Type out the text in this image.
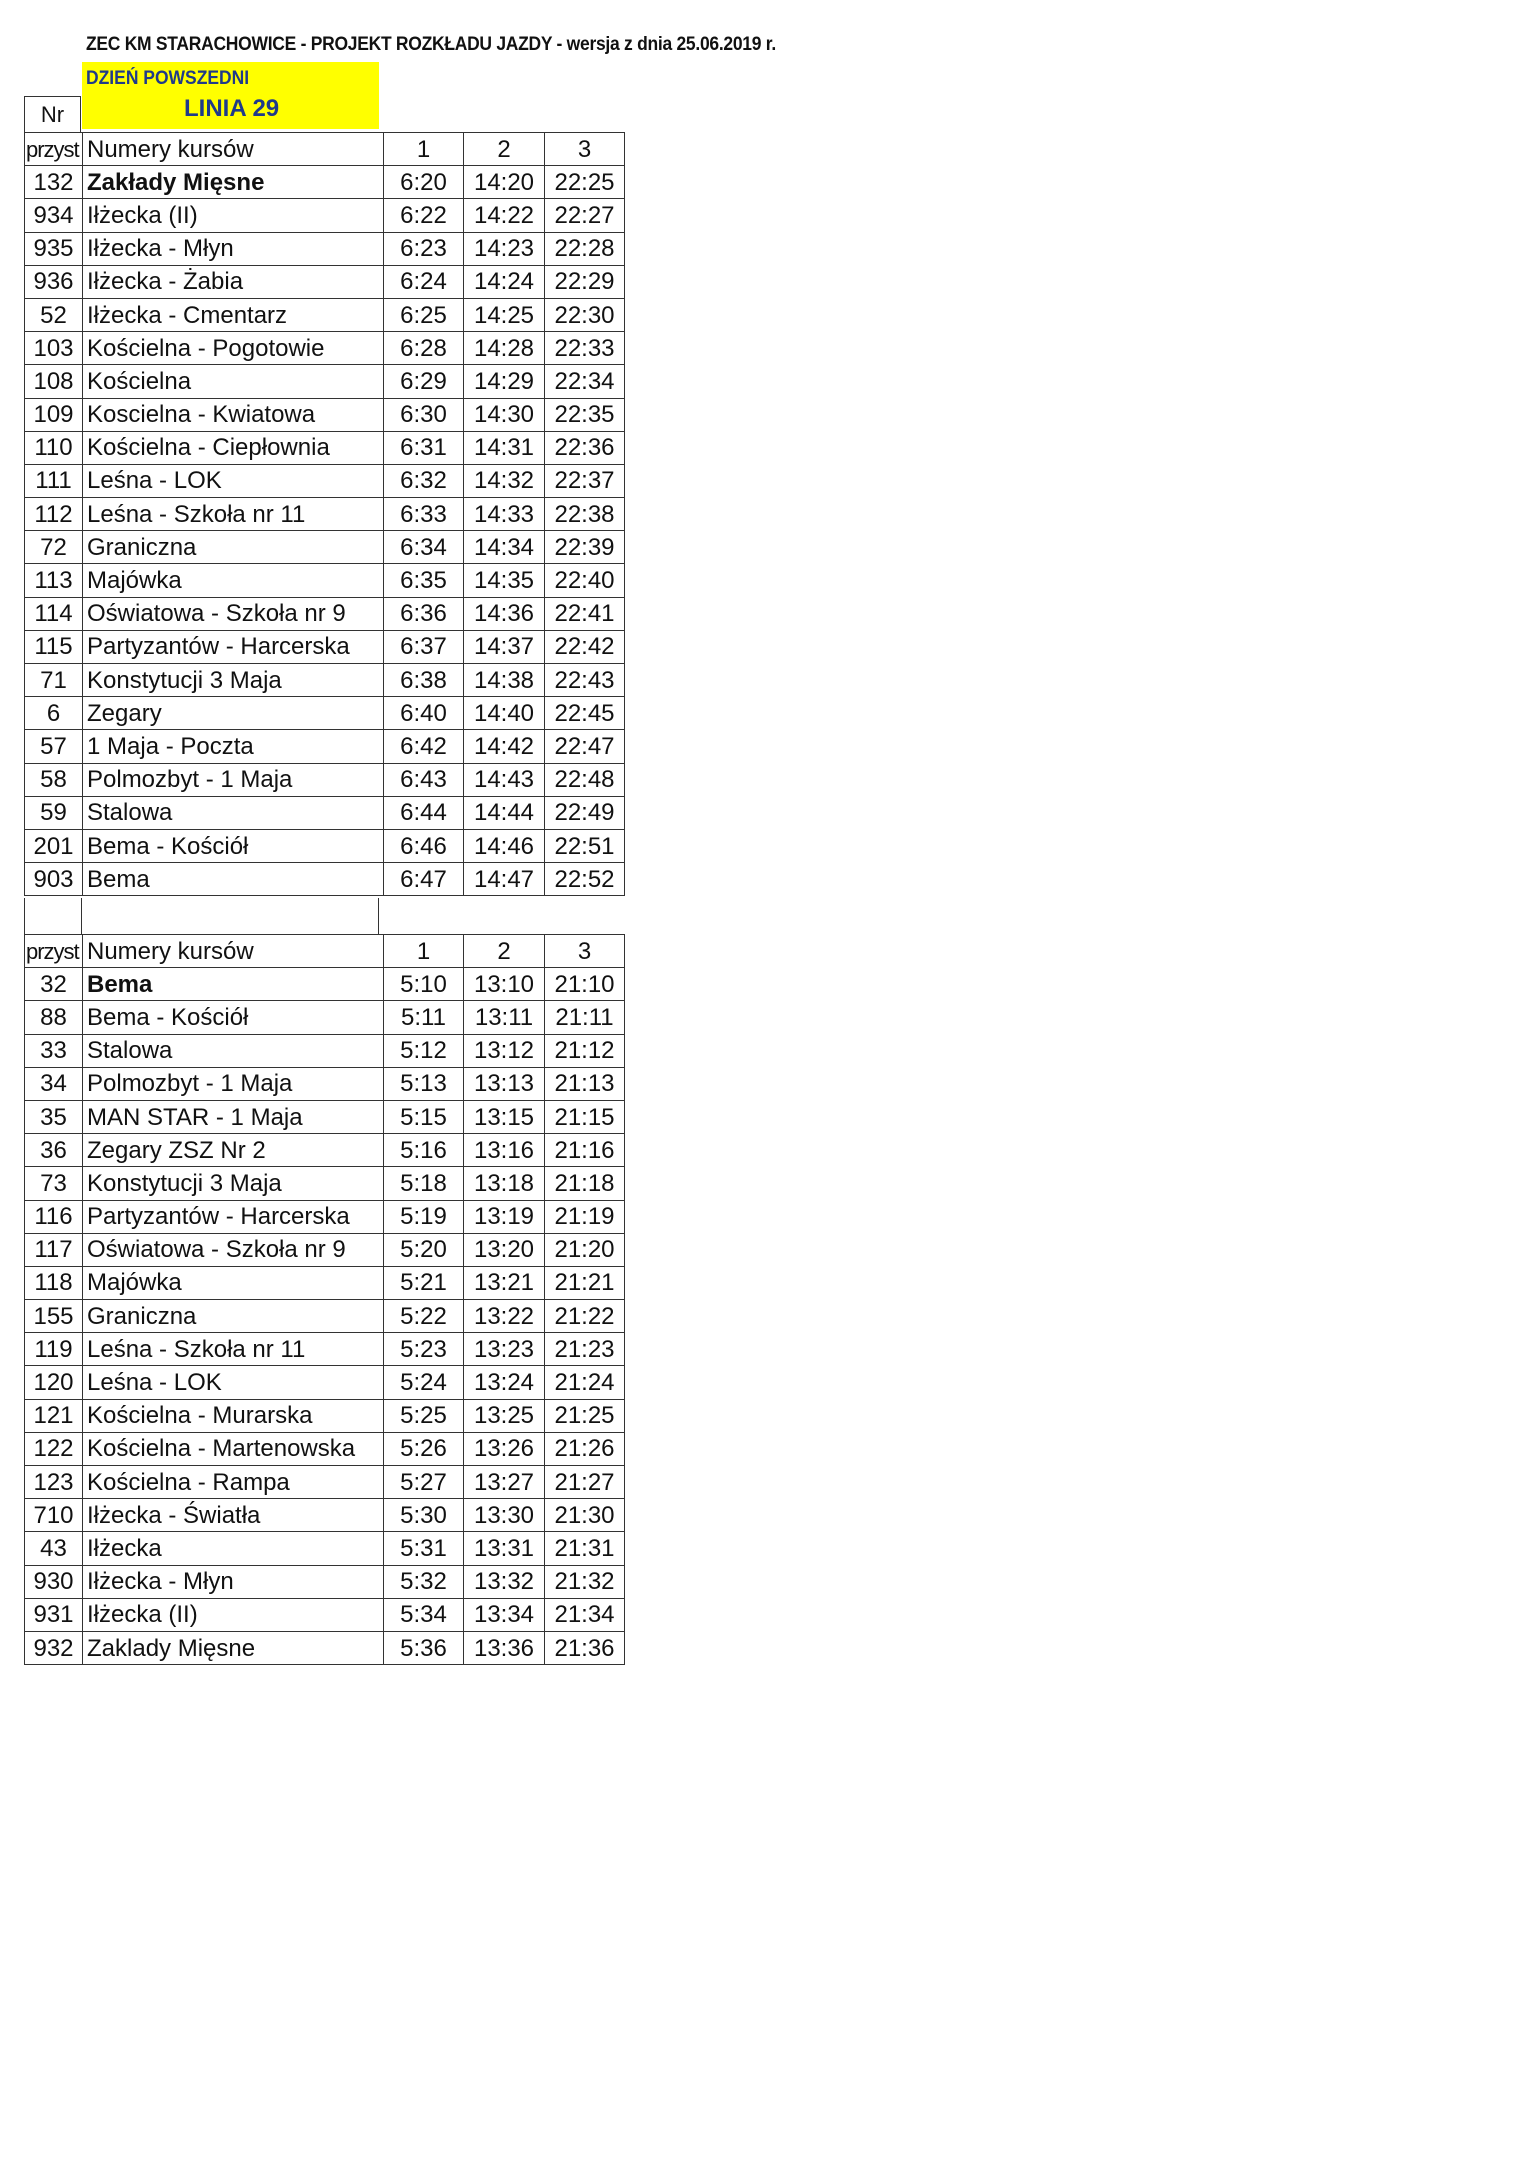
ZEC KM STARACHOWICE - PROJEKT ROZKŁADU JAZDY - wersja z dnia 25.06.2019 r.
DZIEŃ POWSZEDNI
LINIA 29
Nr
przyst	Numery kursów	1	2	3
132	Zakłady Mięsne	6:20	14:20	22:25
934	Iłżecka (II)	6:22	14:22	22:27
935	Iłżecka - Młyn	6:23	14:23	22:28
936	Iłżecka - Żabia	6:24	14:24	22:29
52	Iłżecka - Cmentarz	6:25	14:25	22:30
103	Kościelna - Pogotowie	6:28	14:28	22:33
108	Kościelna	6:29	14:29	22:34
109	Koscielna - Kwiatowa	6:30	14:30	22:35
110	Kościelna - Ciepłownia	6:31	14:31	22:36
111	Leśna - LOK	6:32	14:32	22:37
112	Leśna - Szkoła nr 11	6:33	14:33	22:38
72	Graniczna	6:34	14:34	22:39
113	Majówka	6:35	14:35	22:40
114	Oświatowa - Szkoła nr 9	6:36	14:36	22:41
115	Partyzantów - Harcerska	6:37	14:37	22:42
71	Konstytucji 3 Maja	6:38	14:38	22:43
6	Zegary	6:40	14:40	22:45
57	1 Maja - Poczta	6:42	14:42	22:47
58	Polmozbyt - 1 Maja	6:43	14:43	22:48
59	Stalowa	6:44	14:44	22:49
201	Bema - Kościół	6:46	14:46	22:51
903	Bema	6:47	14:47	22:52
przyst	Numery kursów	1	2	3
32	Bema	5:10	13:10	21:10
88	Bema - Kościół	5:11	13:11	21:11
33	Stalowa	5:12	13:12	21:12
34	Polmozbyt - 1 Maja	5:13	13:13	21:13
35	MAN STAR - 1 Maja	5:15	13:15	21:15
36	Zegary ZSZ Nr 2	5:16	13:16	21:16
73	Konstytucji 3 Maja	5:18	13:18	21:18
116	Partyzantów - Harcerska	5:19	13:19	21:19
117	Oświatowa - Szkoła nr 9	5:20	13:20	21:20
118	Majówka	5:21	13:21	21:21
155	Graniczna	5:22	13:22	21:22
119	Leśna - Szkoła nr 11	5:23	13:23	21:23
120	Leśna - LOK	5:24	13:24	21:24
121	Kościelna - Murarska	5:25	13:25	21:25
122	Kościelna - Martenowska	5:26	13:26	21:26
123	Kościelna - Rampa	5:27	13:27	21:27
710	Iłżecka - Światła	5:30	13:30	21:30
43	Iłżecka	5:31	13:31	21:31
930	Iłżecka - Młyn	5:32	13:32	21:32
931	Iłżecka (II)	5:34	13:34	21:34
932	Zaklady Mięsne	5:36	13:36	21:36
